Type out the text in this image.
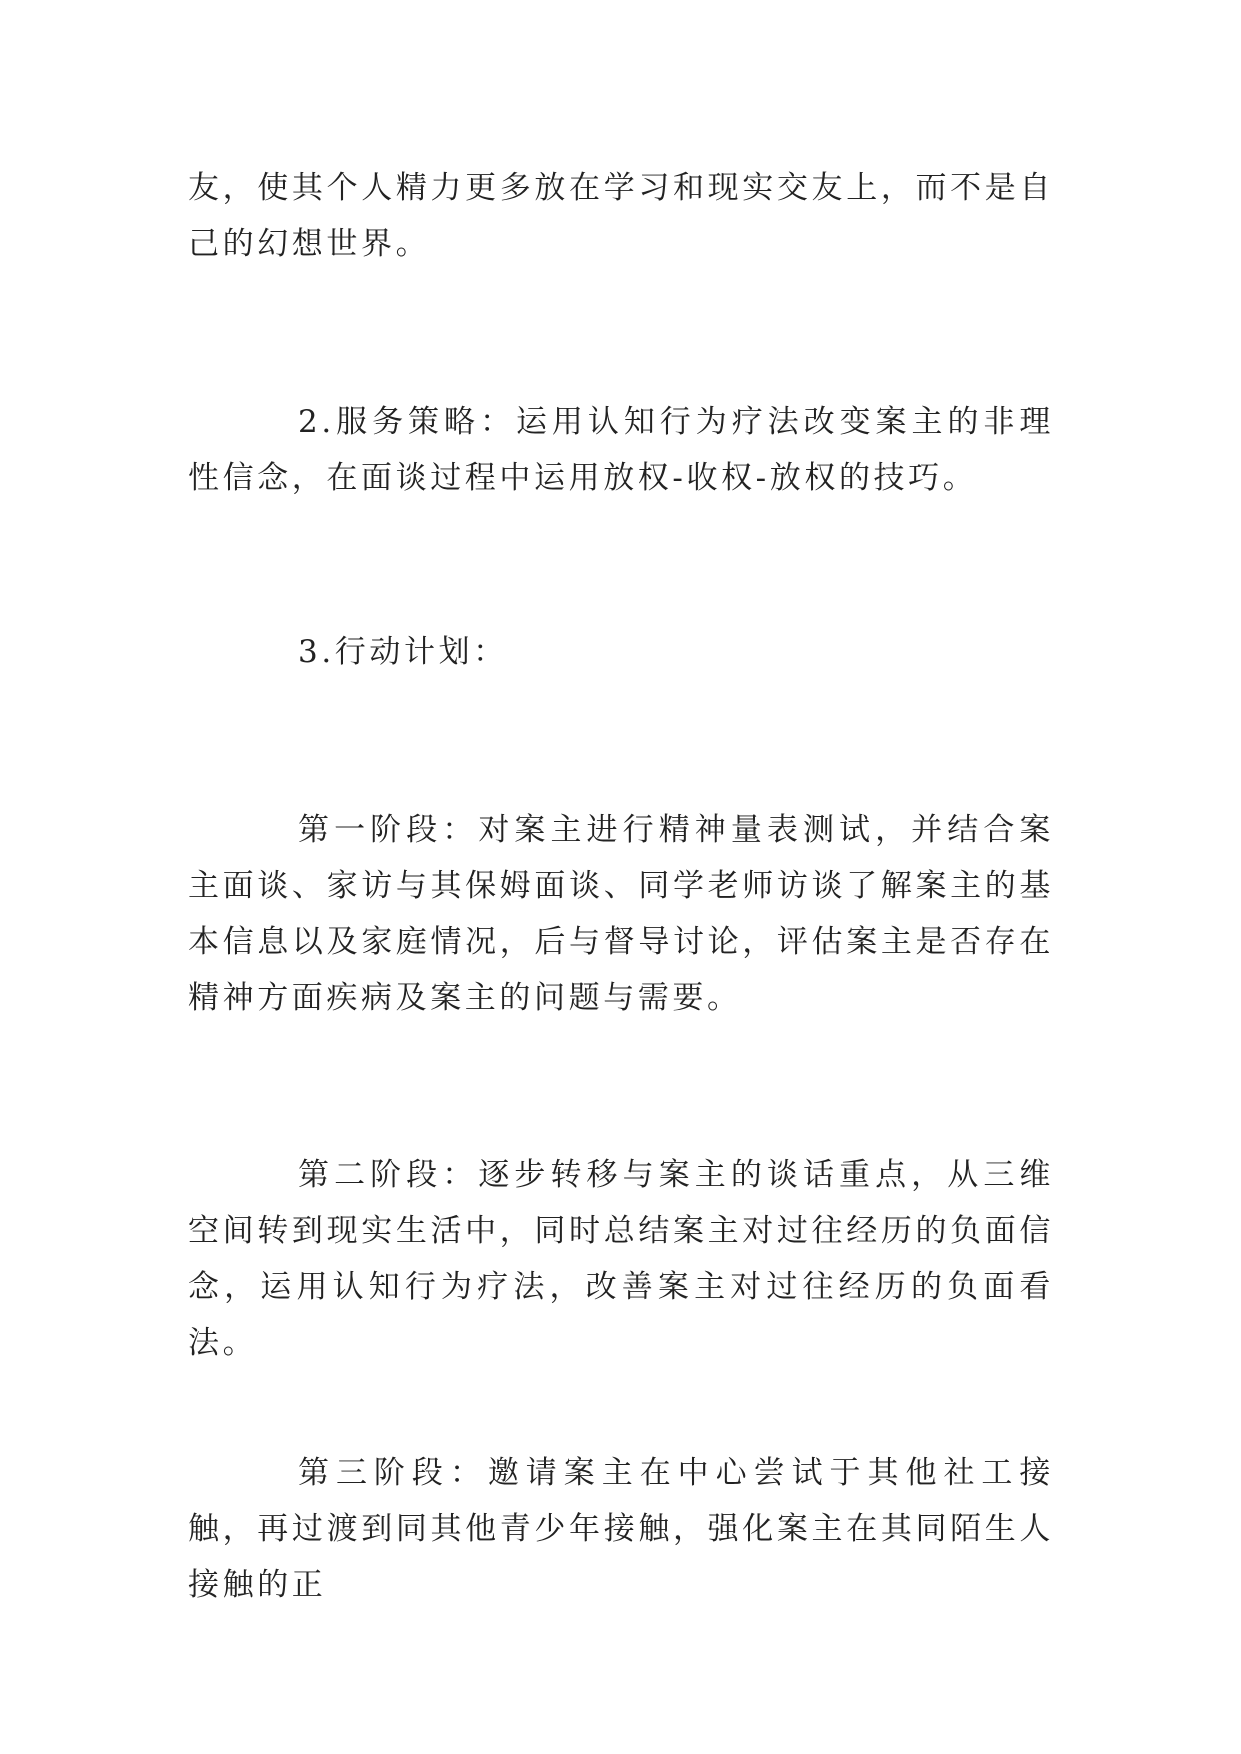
友，使其个人精力更多放在学习和现实交友上，而不是自己的幻想世界。

2.服务策略：运用认知行为疗法改变案主的非理性信念，在面谈过程中运用放权-收权-放权的技巧。

3.行动计划：

第一阶段：对案主进行精神量表测试，并结合案主面谈、家访与其保姆面谈、同学老师访谈了解案主的基本信息以及家庭情况，后与督导讨论，评估案主是否存在精神方面疾病及案主的问题与需要。

第二阶段：逐步转移与案主的谈话重点，从三维空间转到现实生活中，同时总结案主对过往经历的负面信念，运用认知行为疗法，改善案主对过往经历的负面看法。

第三阶段：邀请案主在中心尝试于其他社工接触，再过渡到同其他青少年接触，强化案主在其同陌生人接触的正
